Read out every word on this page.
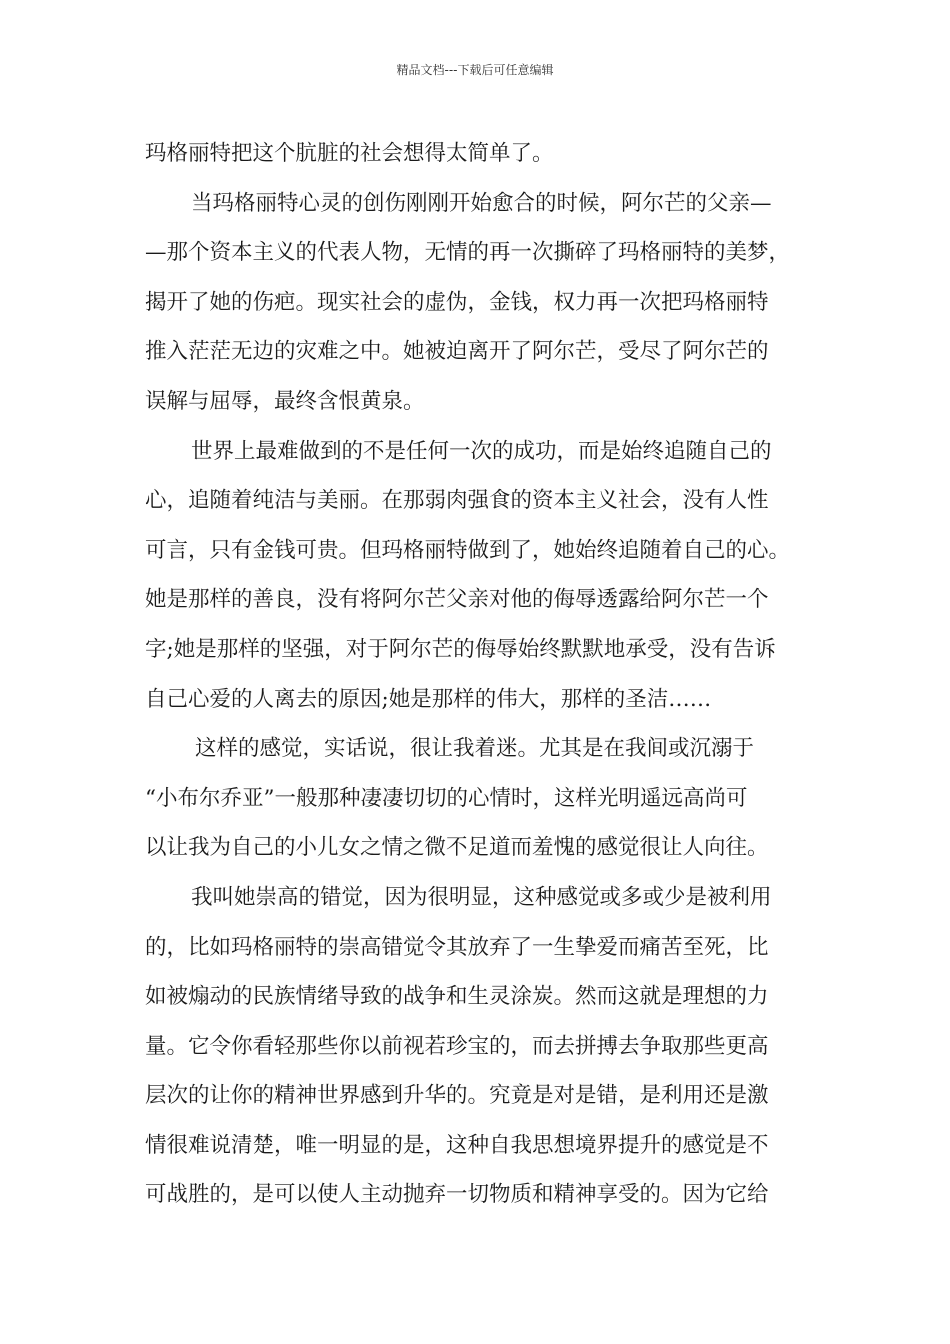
精品文档---下载后可任意编辑
玛格丽特把这个肮脏的社会想得太简单了。
当玛格丽特心灵的创伤刚刚开始愈合的时候，阿尔芒的父亲—
—那个资本主义的代表人物，无情的再一次撕碎了玛格丽特的美梦，
揭开了她的伤疤。现实社会的虚伪，金钱，权力再一次把玛格丽特
推入茫茫无边的灾难之中。她被迫离开了阿尔芒，受尽了阿尔芒的
误解与屈辱，最终含恨黄泉。
世界上最难做到的不是任何一次的成功，而是始终追随自己的
心，追随着纯洁与美丽。在那弱肉强食的资本主义社会，没有人性
可言，只有金钱可贵。但玛格丽特做到了，她始终追随着自己的心。
她是那样的善良，没有将阿尔芒父亲对他的侮辱透露给阿尔芒一个
字;她是那样的坚强，对于阿尔芒的侮辱始终默默地承受，没有告诉
自己心爱的人离去的原因;她是那样的伟大，那样的圣洁……
这样的感觉，实话说，很让我着迷。尤其是在我间或沉溺于
“小布尔乔亚”一般那种凄凄切切的心情时，这样光明遥远高尚可
以让我为自己的小儿女之情之微不足道而羞愧的感觉很让人向往。
我叫她崇高的错觉，因为很明显，这种感觉或多或少是被利用
的，比如玛格丽特的崇高错觉令其放弃了一生挚爱而痛苦至死，比
如被煽动的民族情绪导致的战争和生灵涂炭。然而这就是理想的力
量。它令你看轻那些你以前视若珍宝的，而去拼搏去争取那些更高
层次的让你的精神世界感到升华的。究竟是对是错，是利用还是激
情很难说清楚，唯一明显的是，这种自我思想境界提升的感觉是不
可战胜的，是可以使人主动抛弃一切物质和精神享受的。因为它给
